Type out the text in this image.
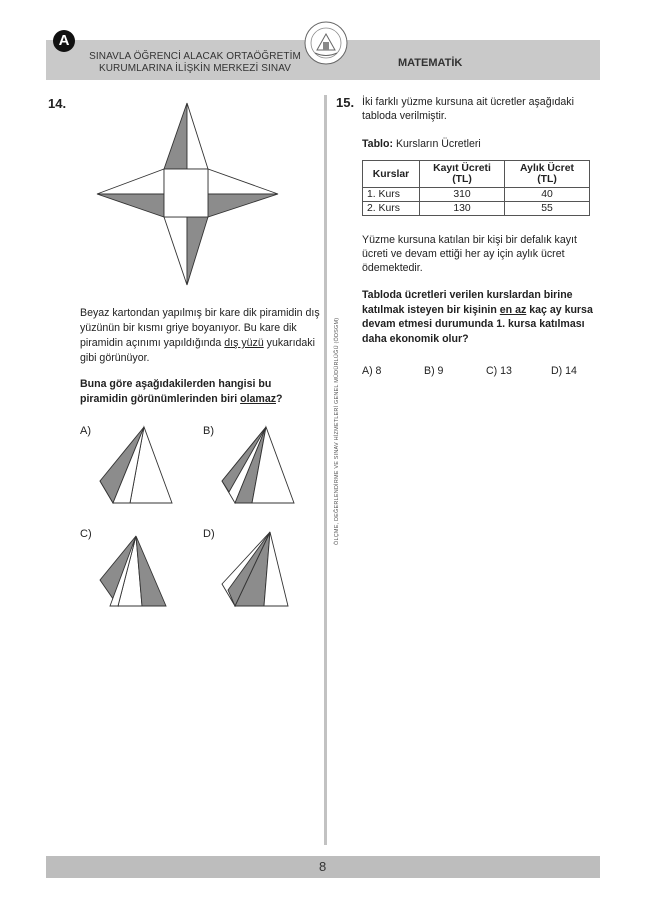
A
SINAVLA ÖĞRENCİ ALACAK ORTAÖĞRETİM
KURUMLARINA İLİŞKİN MERKEZİ SINAV	MATEMATİK
ÖLÇME, DEĞERLENDİRME VE SINAV HİZMETLERİ GENEL MÜDÜRLÜĞÜ (ÖDSGM)
14.
Beyaz kartondan yapılmış bir kare dik piramidin dış yüzünün bir kısmı griye boyanıyor. Bu kare dik piramidin açınımı yapıldığında dış yüzü yukarıdaki gibi görünüyor.
Buna göre aşağıdakilerden hangisi bu piramidin görünümlerinden biri olamaz?
A)	B)
C)	D)
15. İki farklı yüzme kursuna ait ücretler aşağıdaki tabloda verilmiştir.
Tablo: Kursların Ücretleri
Kurslar	Kayıt Ücreti (TL)	Aylık Ücret (TL)
1. Kurs	310	40
2. Kurs	130	55
Yüzme kursuna katılan bir kişi bir defalık kayıt ücreti ve devam ettiği her ay için aylık ücret ödemektedir.
Tabloda ücretleri verilen kurslardan birine katılmak isteyen bir kişinin en az kaç ay kursa devam etmesi durumunda 1. kursa katılması daha ekonomik olur?
A) 8	B) 9	C) 13	D) 14
8
